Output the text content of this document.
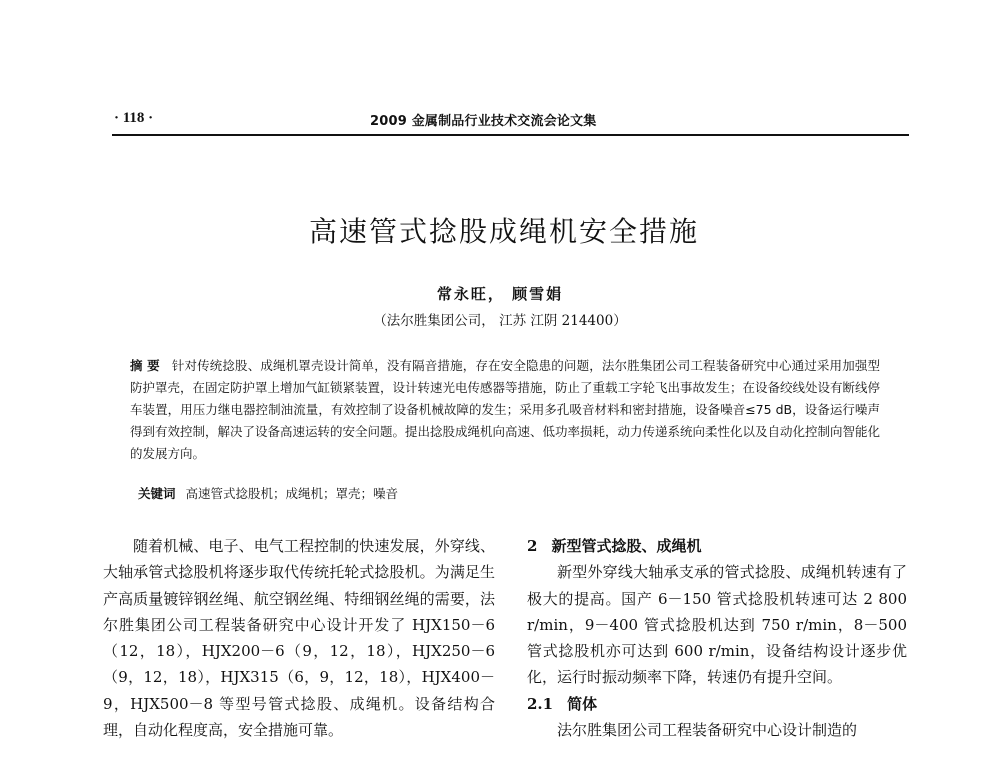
· 118 ·	2009 金属制品行业技术交流会论文集
高速管式捻股成绳机安全措施
常永旺， 顾雪娟
（法尔胜集团公司， 江苏 江阴 214400）
摘 要 针对传统捻股、成绳机罩壳设计简单，没有隔音措施，存在安全隐患的问题，法尔胜集团公司工程装备研究中心通过采用加强型防护罩壳，在固定防护罩上增加气缸锁紧装置，设计转速光电传感器等措施，防止了重载工字轮飞出事故发生；在设备绞线处设有断线停车装置，用压力继电器控制油流量，有效控制了设备机械故障的发生；采用多孔吸音材料和密封措施，设备噪音≤75 dB，设备运行噪声得到有效控制，解决了设备高速运转的安全问题。提出捻股成绳机向高速、低功率损耗，动力传递系统向柔性化以及自动化控制向智能化的发展方向。
关键词 高速管式捻股机；成绳机；罩壳；噪音

随着机械、电子、电气工程控制的快速发展，外穿线、大轴承管式捻股机将逐步取代传统托轮式捻股机。为满足生产高质量镀锌钢丝绳、航空钢丝绳、特细钢丝绳的需要，法尔胜集团公司工程装备研究中心设计开发了 HJX150－6（12，18），HJX200－6（9，12，18），HJX250－6（9，12，18），HJX315（6，9，12，18），HJX400－9，HJX500－8 等型号管式捻股、成绳机。设备结构合理，自动化程度高，安全措施可靠。

2 新型管式捻股、成绳机

新型外穿线大轴承支承的管式捻股、成绳机转速有了极大的提高。国产 6－150 管式捻股机转速可达 2 800 r/min，9－400 管式捻股机达到 750 r/min，8－500 管式捻股机亦可达到 600 r/min，设备结构设计逐步优化，运行时振动频率下降，转速仍有提升空间。

2.1 简体

法尔胜集团公司工程装备研究中心设计制造的
